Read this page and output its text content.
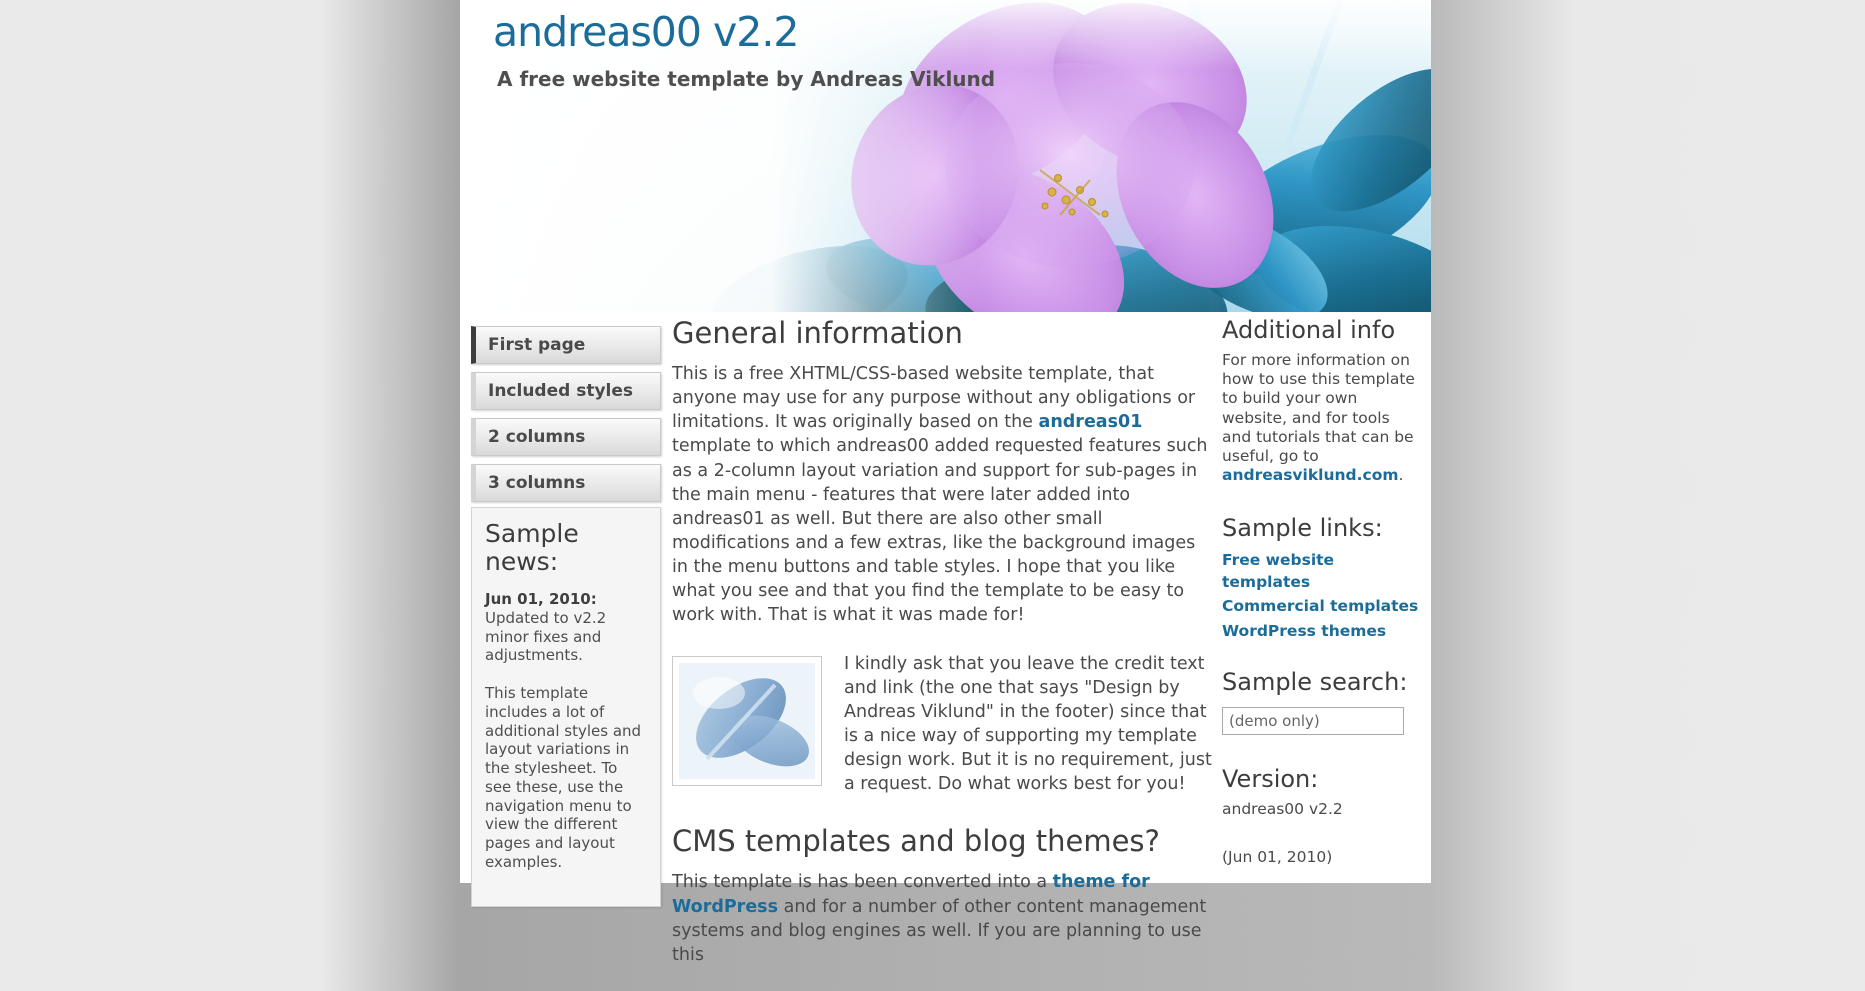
andreas00 v2.2
A free website template by Andreas Viklund
First page
Included styles
2 columns
3 columns
Sample news:

Jun 01, 2010:

Updated to v2.2 minor fixes and adjustments.

This template includes a lot of additional styles and layout variations in the stylesheet. To see these, use the navigation menu to view the different pages and layout examples.

General information

This is a free XHTML/CSS-based website template, that anyone may use for any purpose without any obligations or limitations. It was originally based on the andreas01 template to which andreas00 added requested features such as a 2-column layout variation and support for sub-pages in the main menu - features that were later added into andreas01 as well. But there are also other small modifications and a few extras, like the background images in the menu buttons and table styles. I hope that you like what you see and that you find the template to be easy to work with. That is what it was made for!

I kindly ask that you leave the credit text and link (the one that says "Design by Andreas Viklund" in the footer) since that is a nice way of supporting my template design work. But it is no requirement, just a request. Do what works best for you!

CMS templates and blog themes?

This template is has been converted into a theme for WordPress and for a number of other content management systems and blog engines as well. If you are planning to use this

Additional info

For more information on how to use this template to build your own website, and for tools and tutorials that can be useful, go to andreasviklund.com.

Sample links:
Free website templates
Commercial templates
WordPress themes
Sample search:
(demo only)
Version:

andreas00 v2.2

(Jun 01, 2010)
